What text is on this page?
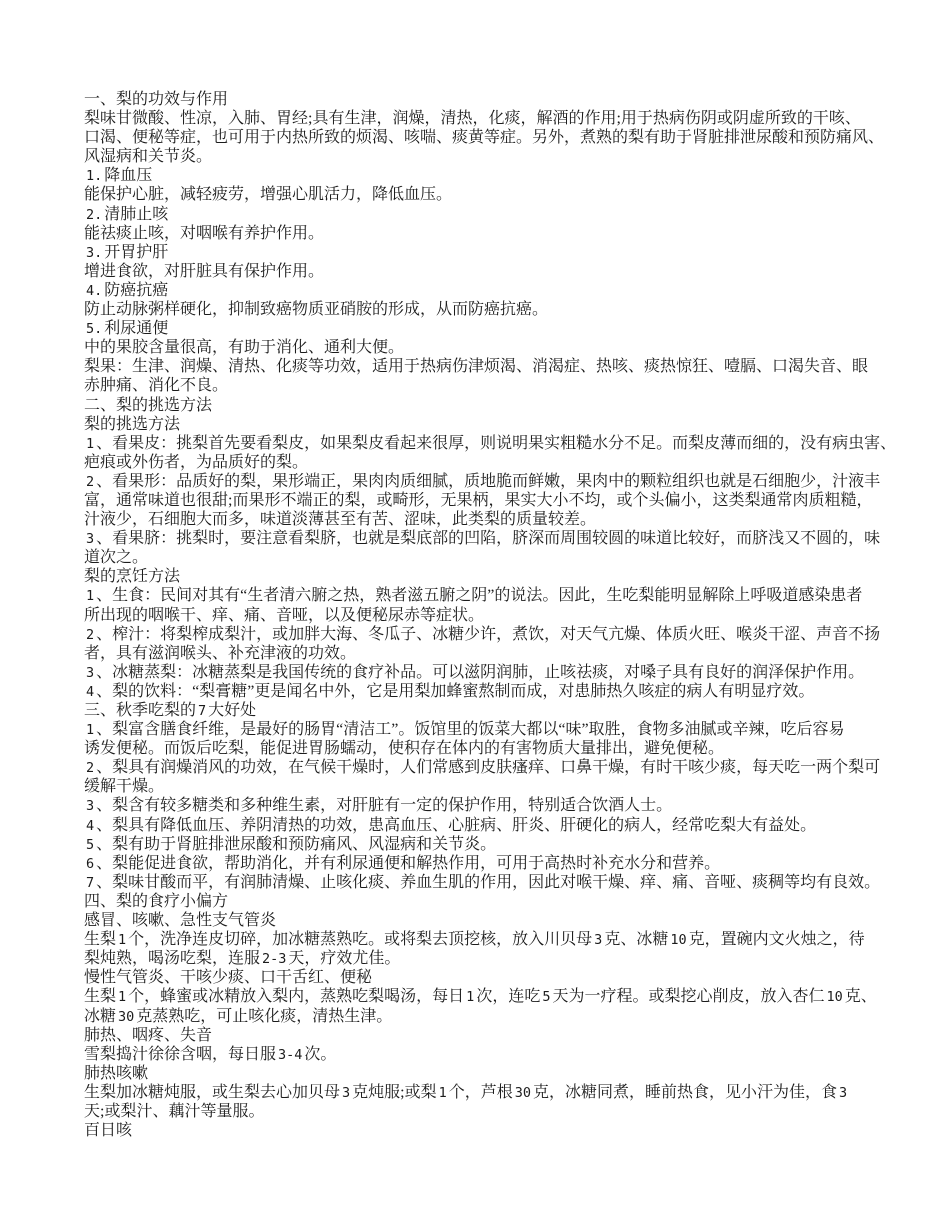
一、梨的功效与作用
梨味甘微酸、性凉，入肺、胃经;具有生津，润燥，清热，化痰，解酒的作用;用于热病伤阴或阴虚所致的干咳、
口渴、便秘等症，也可用于内热所致的烦渴、咳喘、痰黄等症。另外，煮熟的梨有助于肾脏排泄尿酸和预防痛风、
风湿病和关节炎。
1. 降血压
能保护心脏，减轻疲劳，增强心肌活力，降低血压。
2. 清肺止咳
能祛痰止咳，对咽喉有养护作用。
3. 开胃护肝
增进食欲，对肝脏具有保护作用。
4. 防癌抗癌
防止动脉粥样硬化，抑制致癌物质亚硝胺的形成，从而防癌抗癌。
5. 利尿通便
中的果胶含量很高，有助于消化、通利大便。
梨果：生津、润燥、清热、化痰等功效，适用于热病伤津烦渴、消渴症、热咳、痰热惊狂、噎膈、口渴失音、眼
赤肿痛、消化不良。
二、梨的挑选方法
梨的挑选方法
1 、看果皮：挑梨首先要看梨皮，如果梨皮看起来很厚，则说明果实粗糙水分不足。而梨皮薄而细的，没有病虫害、
疤痕或外伤者，为品质好的梨。
2 、看果形：品质好的梨，果形端正，果肉肉质细腻，质地脆而鲜嫩，果肉中的颗粒组织也就是石细胞少，汁液丰
富，通常味道也很甜;而果形不端正的梨，或畸形，无果柄，果实大小不均，或个头偏小，这类梨通常肉质粗糙，
汁液少，石细胞大而多，味道淡薄甚至有苦、涩味，此类梨的质量较差。
3 、看果脐：挑梨时，要注意看梨脐，也就是梨底部的凹陷，脐深而周围较圆的味道比较好，而脐浅又不圆的，味
道次之。
梨的烹饪方法
1 、生食：民间对其有“生者清六腑之热，熟者滋五腑之阴”的说法。因此，生吃梨能明显解除上呼吸道感染患者
所出现的咽喉干、痒、痛、音哑，以及便秘尿赤等症状。
2 、榨汁：将梨榨成梨汁，或加胖大海、冬瓜子、冰糖少许，煮饮，对天气亢燥、体质火旺、喉炎干涩、声音不扬
者，具有滋润喉头、补充津液的功效。
3 、冰糖蒸梨：冰糖蒸梨是我国传统的食疗补品。可以滋阴润肺，止咳祛痰，对嗓子具有良好的润泽保护作用。
4 、梨的饮料：“梨膏糖”更是闻名中外，它是用梨加蜂蜜熬制而成，对患肺热久咳症的病人有明显疗效。
三、秋季吃梨的 7 大好处
1 、梨富含膳食纤维，是最好的肠胃“清洁工”。饭馆里的饭菜大都以“味”取胜，食物多油腻或辛辣，吃后容易
诱发便秘。而饭后吃梨，能促进胃肠蠕动，使积存在体内的有害物质大量排出，避免便秘。
2 、梨具有润燥消风的功效，在气候干燥时，人们常感到皮肤瘙痒、口鼻干燥，有时干咳少痰，每天吃一两个梨可
缓解干燥。
3 、梨含有较多糖类和多种维生素，对肝脏有一定的保护作用，特别适合饮酒人士。
4 、梨具有降低血压、养阴清热的功效，患高血压、心脏病、肝炎、肝硬化的病人，经常吃梨大有益处。
5 、梨有助于肾脏排泄尿酸和预防痛风、风湿病和关节炎。
6 、梨能促进食欲，帮助消化，并有利尿通便和解热作用，可用于高热时补充水分和营养。
7 、梨味甘酸而平，有润肺清燥、止咳化痰、养血生肌的作用，因此对喉干燥、痒、痛、音哑、痰稠等均有良效。
四、梨的食疗小偏方
感冒、咳嗽、急性支气管炎
生梨 1 个，洗净连皮切碎，加冰糖蒸熟吃。或将梨去顶挖核，放入川贝母 3 克、冰糖 10 克，置碗内文火烛之，待
梨炖熟，喝汤吃梨，连服 2-3 天，疗效尤佳。
慢性气管炎、干咳少痰、口干舌红、便秘
生梨 1 个，蜂蜜或冰精放入梨内，蒸熟吃梨喝汤，每日 1 次，连吃 5 天为一疗程。或梨挖心削皮，放入杏仁 10 克、
冰糖 30 克蒸熟吃，可止咳化痰，清热生津。
肺热、咽疼、失音
雪梨捣汁徐徐含咽，每日服 3-4 次。
肺热咳嗽
生梨加冰糖炖服，或生梨去心加贝母 3 克炖服;或梨 1 个，芦根 30 克，冰糖同煮，睡前热食，见小汗为佳，食 3
天;或梨汁、藕汁等量服。
百日咳
